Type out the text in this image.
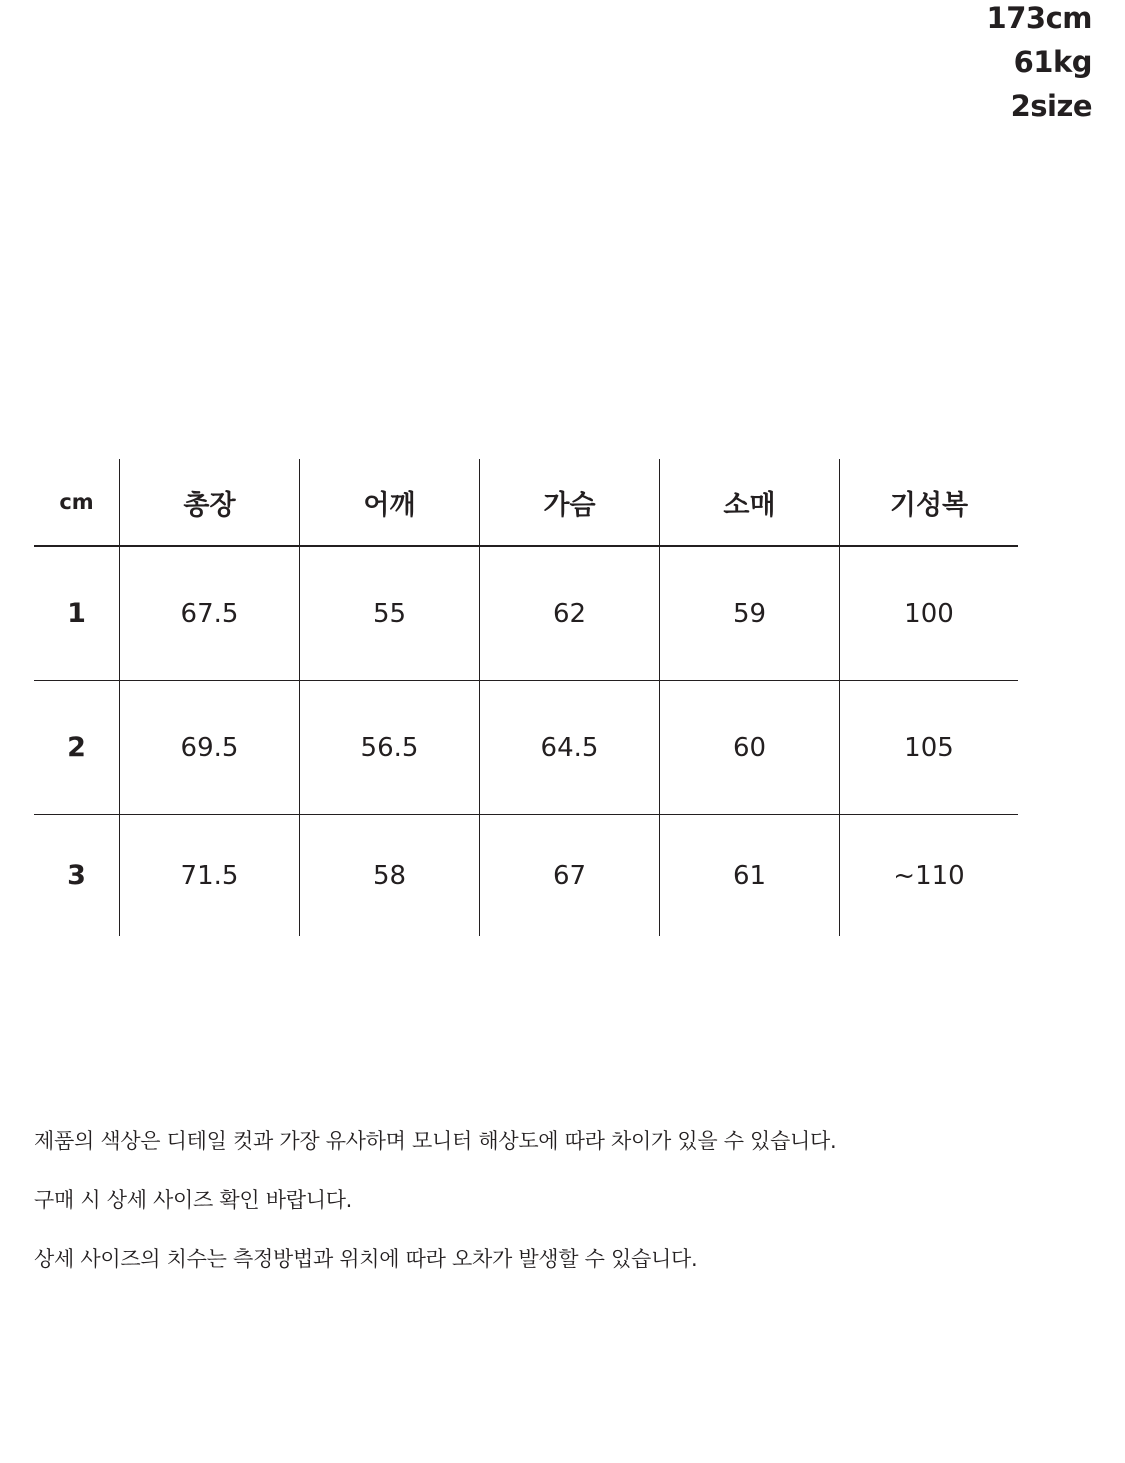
173cm
61kg
2size
cm	총장	어깨	가슴	소매	기성복
1	67.5	55	62	59	100
2	69.5	56.5	64.5	60	105
3	71.5	58	67	61	~110

제품의 색상은 디테일 컷과 가장 유사하며 모니터 해상도에 따라 차이가 있을 수 있습니다.

구매 시 상세 사이즈 확인 바랍니다.

상세 사이즈의 치수는 측정방법과 위치에 따라 오차가 발생할 수 있습니다.
